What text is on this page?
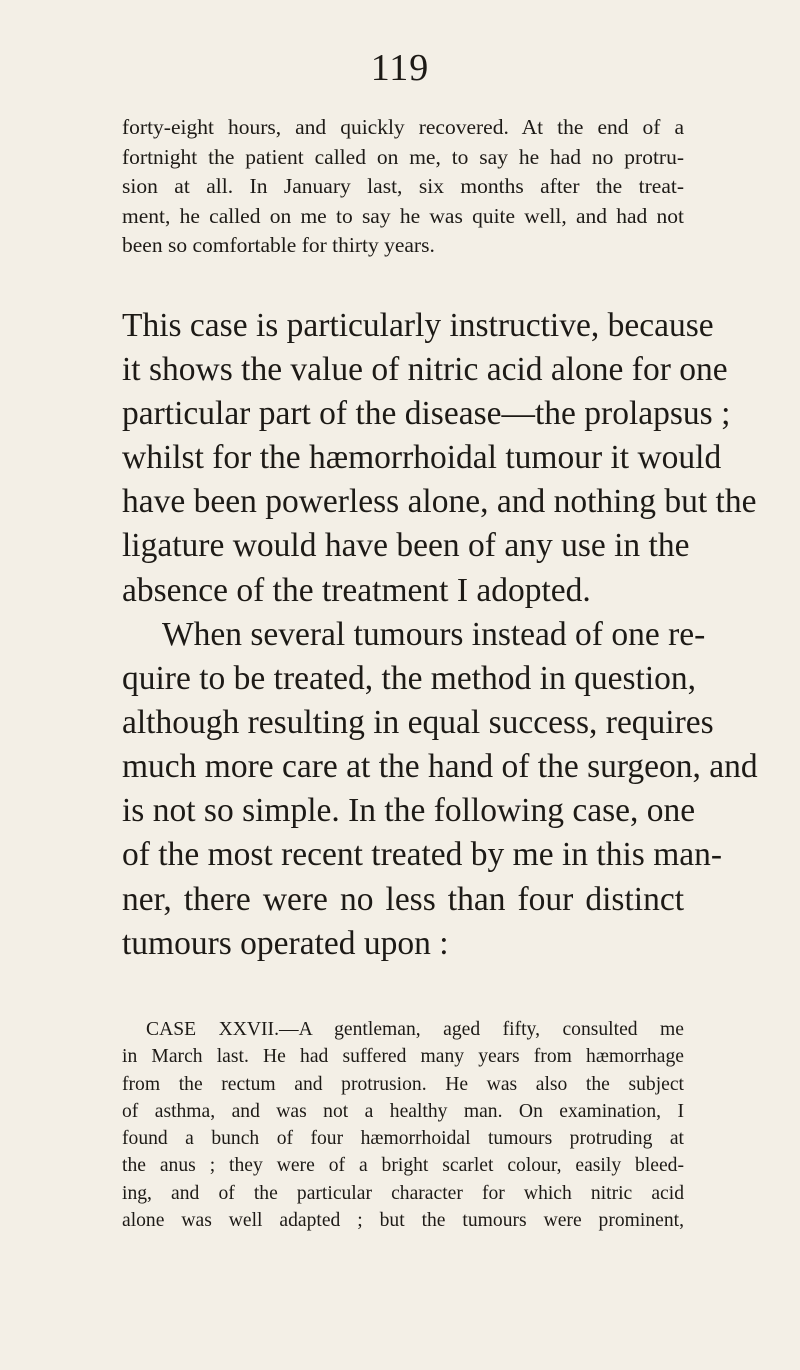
119
forty-eight hours, and quickly recovered. At the end of a
fortnight the patient called on me, to say he had no protru-
sion at all. In January last, six months after the treat-
ment, he called on me to say he was quite well, and had not
been so comfortable for thirty years.
This case is particularly instructive, because
it shows the value of nitric acid alone for one
particular part of the disease—the prolapsus ;
whilst for the hæmorrhoidal tumour it would
have been powerless alone, and nothing but the
ligature would have been of any use in the
absence of the treatment I adopted.
When several tumours instead of one re-
quire to be treated, the method in question,
although resulting in equal success, requires
much more care at the hand of the surgeon, and
is not so simple. In the following case, one
of the most recent treated by me in this man-
ner, there were no less than four distinct
tumours operated upon :
CASE XXVII.—A gentleman, aged fifty, consulted me
in March last. He had suffered many years from hæmorrhage
from the rectum and protrusion. He was also the subject
of asthma, and was not a healthy man. On examination, I
found a bunch of four hæmorrhoidal tumours protruding at
the anus ; they were of a bright scarlet colour, easily bleed-
ing, and of the particular character for which nitric acid
alone was well adapted ; but the tumours were prominent,
